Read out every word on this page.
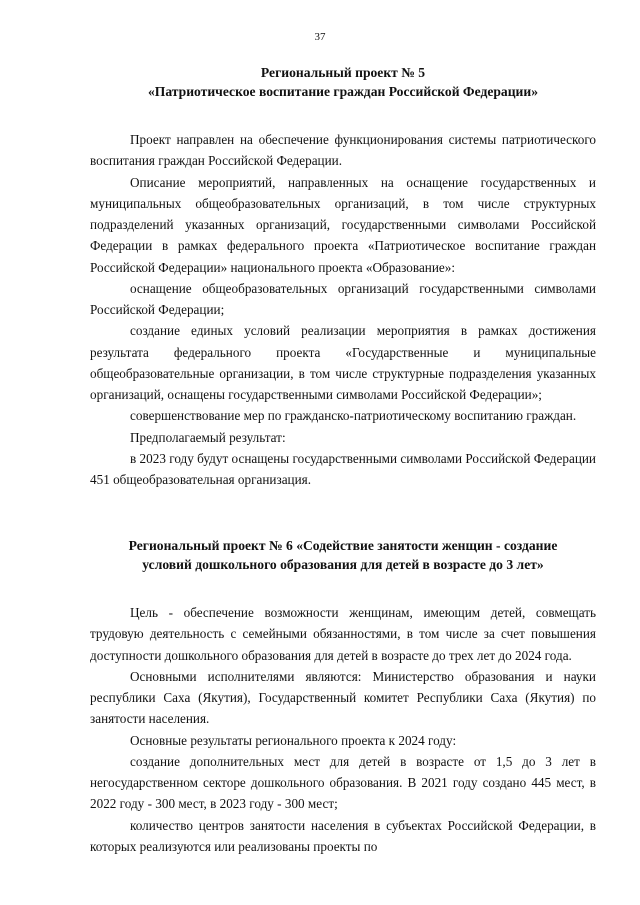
37
Региональный проект № 5
«Патриотическое воспитание граждан Российской Федерации»

Проект направлен на обеспечение функционирования системы патриотического воспитания граждан Российской Федерации.

Описание мероприятий, направленных на оснащение государственных и муниципальных общеобразовательных организаций, в том числе структурных подразделений указанных организаций, государственными символами Российской Федерации в рамках федерального проекта «Патриотическое воспитание граждан Российской Федерации» национального проекта «Образование»:

оснащение общеобразовательных организаций государственными символами Российской Федерации;

создание единых условий реализации мероприятия в рамках достижения результата федерального проекта «Государственные и муниципальные общеобразовательные организации, в том числе структурные подразделения указанных организаций, оснащены государственными символами Российской Федерации»;

совершенствование мер по гражданско-патриотическому воспитанию граждан.

Предполагаемый результат:

в 2023 году будут оснащены государственными символами Российской Федерации 451 общеобразовательная организация.

Региональный проект № 6 «Содействие занятости женщин - создание
условий дошкольного образования для детей в возрасте до 3 лет»

Цель - обеспечение возможности женщинам, имеющим детей, совмещать трудовую деятельность с семейными обязанностями, в том числе за счет повышения доступности дошкольного образования для детей в возрасте до трех лет до 2024 года.

Основными исполнителями являются: Министерство образования и науки республики Саха (Якутия), Государственный комитет Республики Саха (Якутия) по занятости населения.

Основные результаты регионального проекта к 2024 году:

создание дополнительных мест для детей в возрасте от 1,5 до 3 лет в негосударственном секторе дошкольного образования. В 2021 году создано 445 мест, в 2022 году - 300 мест, в 2023 году - 300 мест;

количество центров занятости населения в субъектах Российской Федерации, в которых реализуются или реализованы проекты по
